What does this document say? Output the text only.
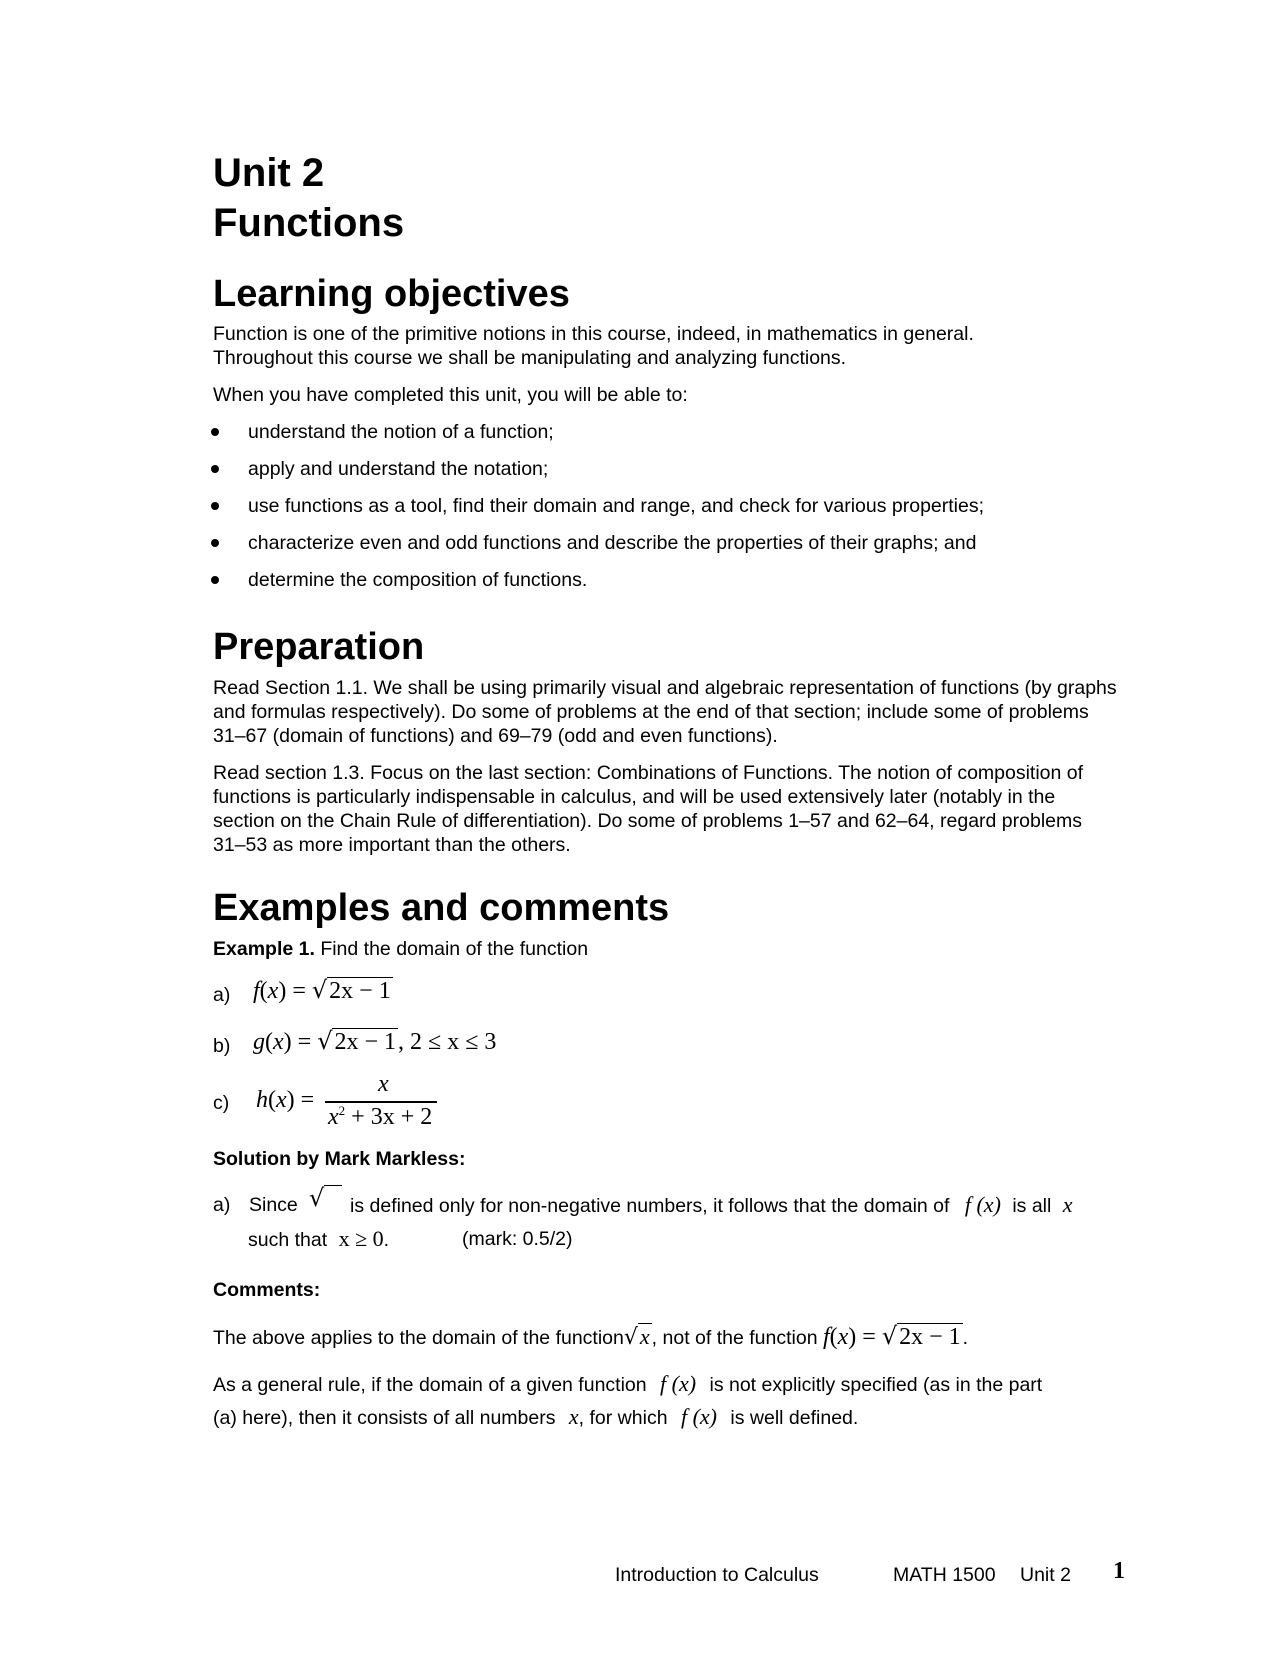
Unit 2
Functions
Learning objectives
Function is one of the primitive notions in this course, indeed, in mathematics in general. Throughout this course we shall be manipulating and analyzing functions.
When you have completed this unit, you will be able to:
understand the notion of a function;
apply and understand the notation;
use functions as a tool, find their domain and range, and check for various properties;
characterize even and odd functions and describe the properties of their graphs; and
determine the composition of functions.
Preparation
Read Section 1.1. We shall be using primarily visual and algebraic representation of functions (by graphs and formulas respectively). Do some of problems at the end of that section; include some of problems 31–67 (domain of functions) and 69–79 (odd and even functions).
Read section 1.3. Focus on the last section: Combinations of Functions. The notion of composition of functions is particularly indispensable in calculus, and will be used extensively later (notably in the section on the Chain Rule of differentiation). Do some of problems 1–57 and 62–64, regard problems 31–53 as more important than the others.
Examples and comments
Example 1. Find the domain of the function
a) f(x) = √2x − 1
b) g(x) = √2x − 1, 2 ≤ x ≤ 3
c) h(x) =
x
$x^2 + 3x + 2$
Solution by Mark Markless:
a) Since √	is defined only for non-negative numbers, it follows that the domain of f (x) is all x
such that x ≥ 0.	(mark: 0.5/2)
Comments:
The above applies to the domain of the function√x , not of the function f(x) = √2x − 1 .
As a general rule, if the domain of a given function f (x) is not explicitly specified (as in the part
(a) here), then it consists of all numbers x, for which f (x) is well defined.
Introduction to Calculus	MATH 1500 Unit 2 1
